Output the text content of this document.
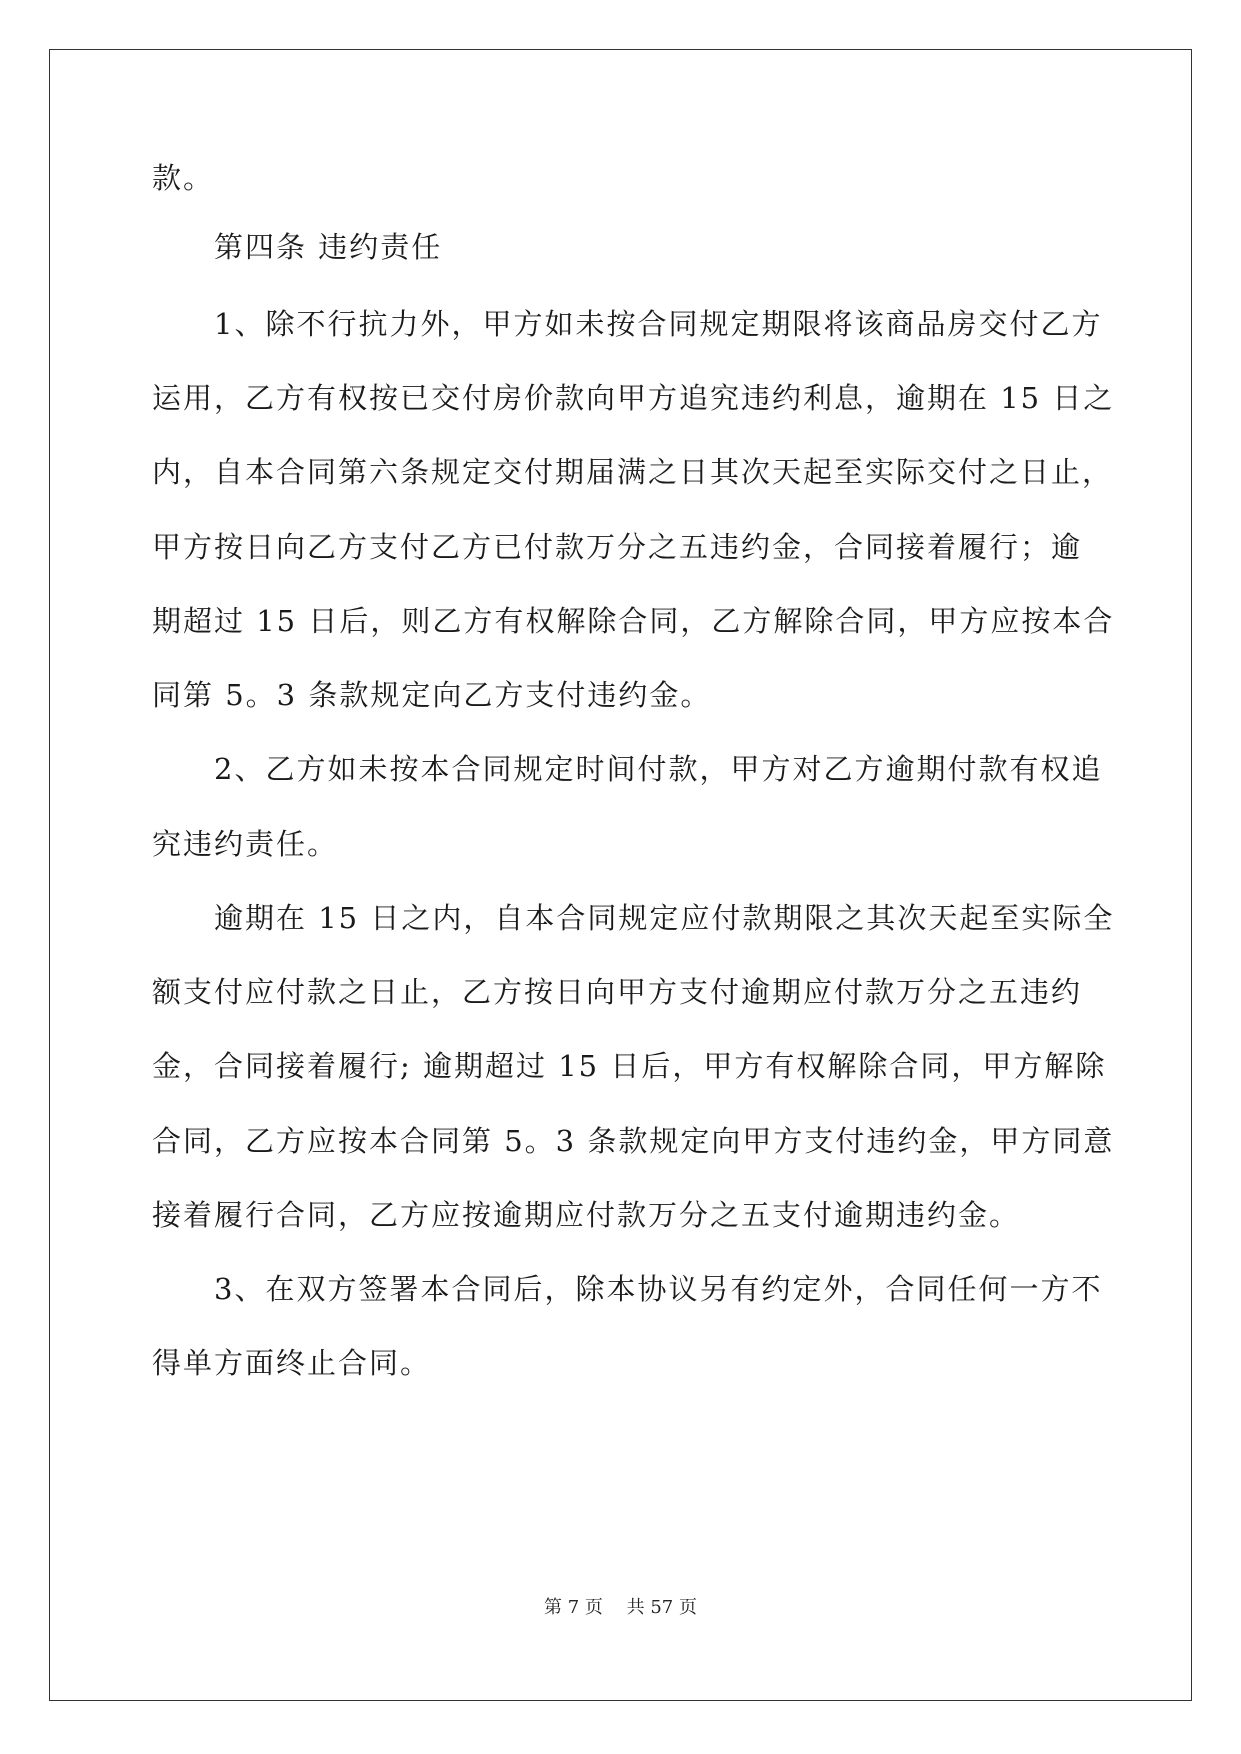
款。
第四条 违约责任
1、除不行抗力外，甲方如未按合同规定期限将该商品房交付乙方
运用，乙方有权按已交付房价款向甲方追究违约利息，逾期在 15 日之
内，自本合同第六条规定交付期届满之日其次天起至实际交付之日止，
甲方按日向乙方支付乙方已付款万分之五违约金，合同接着履行；逾
期超过 15 日后，则乙方有权解除合同，乙方解除合同，甲方应按本合
同第 5。3 条款规定向乙方支付违约金。
2、乙方如未按本合同规定时间付款，甲方对乙方逾期付款有权追
究违约责任。
逾期在 15 日之内，自本合同规定应付款期限之其次天起至实际全
额支付应付款之日止，乙方按日向甲方支付逾期应付款万分之五违约
金，合同接着履行; 逾期超过 15 日后，甲方有权解除合同，甲方解除
合同，乙方应按本合同第 5。3 条款规定向甲方支付违约金，甲方同意
接着履行合同，乙方应按逾期应付款万分之五支付逾期违约金。
3、在双方签署本合同后，除本协议另有约定外，合同任何一方不
得单方面终止合同。
第 7 页　 共 57 页
